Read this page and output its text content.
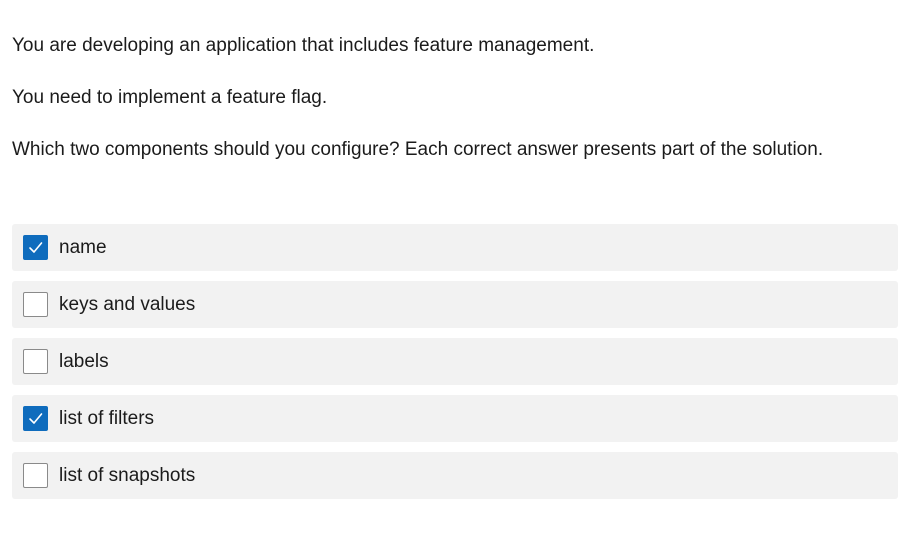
You are developing an application that includes feature management.

You need to implement a feature flag.

Which two components should you configure? Each correct answer presents part of the solution.

name
keys and values
labels
list of filters
list of snapshots
